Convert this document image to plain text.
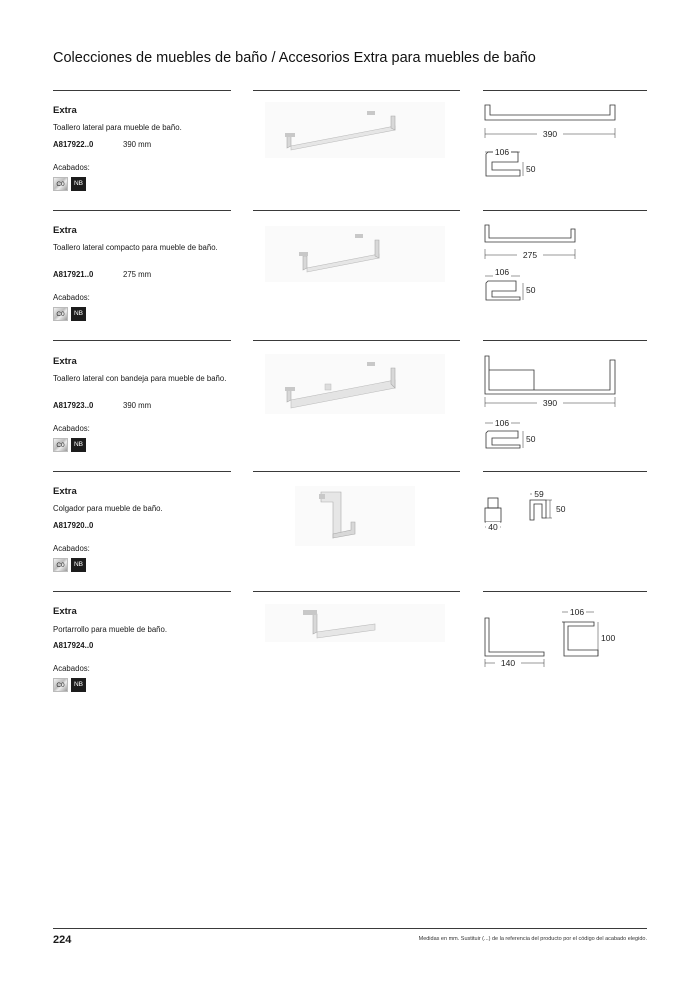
Colecciones de muebles de baño / Accesorios Extra para muebles de baño
Extra
Toallero lateral para mueble de baño.
A817922..0	390 mm
Acabados:
C0	NB
390
106
50
Extra
Toallero lateral compacto para mueble de baño.
A817921..0	275 mm
Acabados:
C0	NB
275
106
50
Extra
Toallero lateral con bandeja para mueble de baño.
A817923..0	390 mm
Acabados:
C0	NB
390
106
50
Extra
Colgador para mueble de baño.
A817920..0
Acabados:
C0	NB
40
59
50
Extra
Portarrollo para mueble de baño.
A817924..0
Acabados:
C0	NB
140
106
100
224	Medidas en mm. Sustituir (...) de la referencia del producto por el código del acabado elegido.
